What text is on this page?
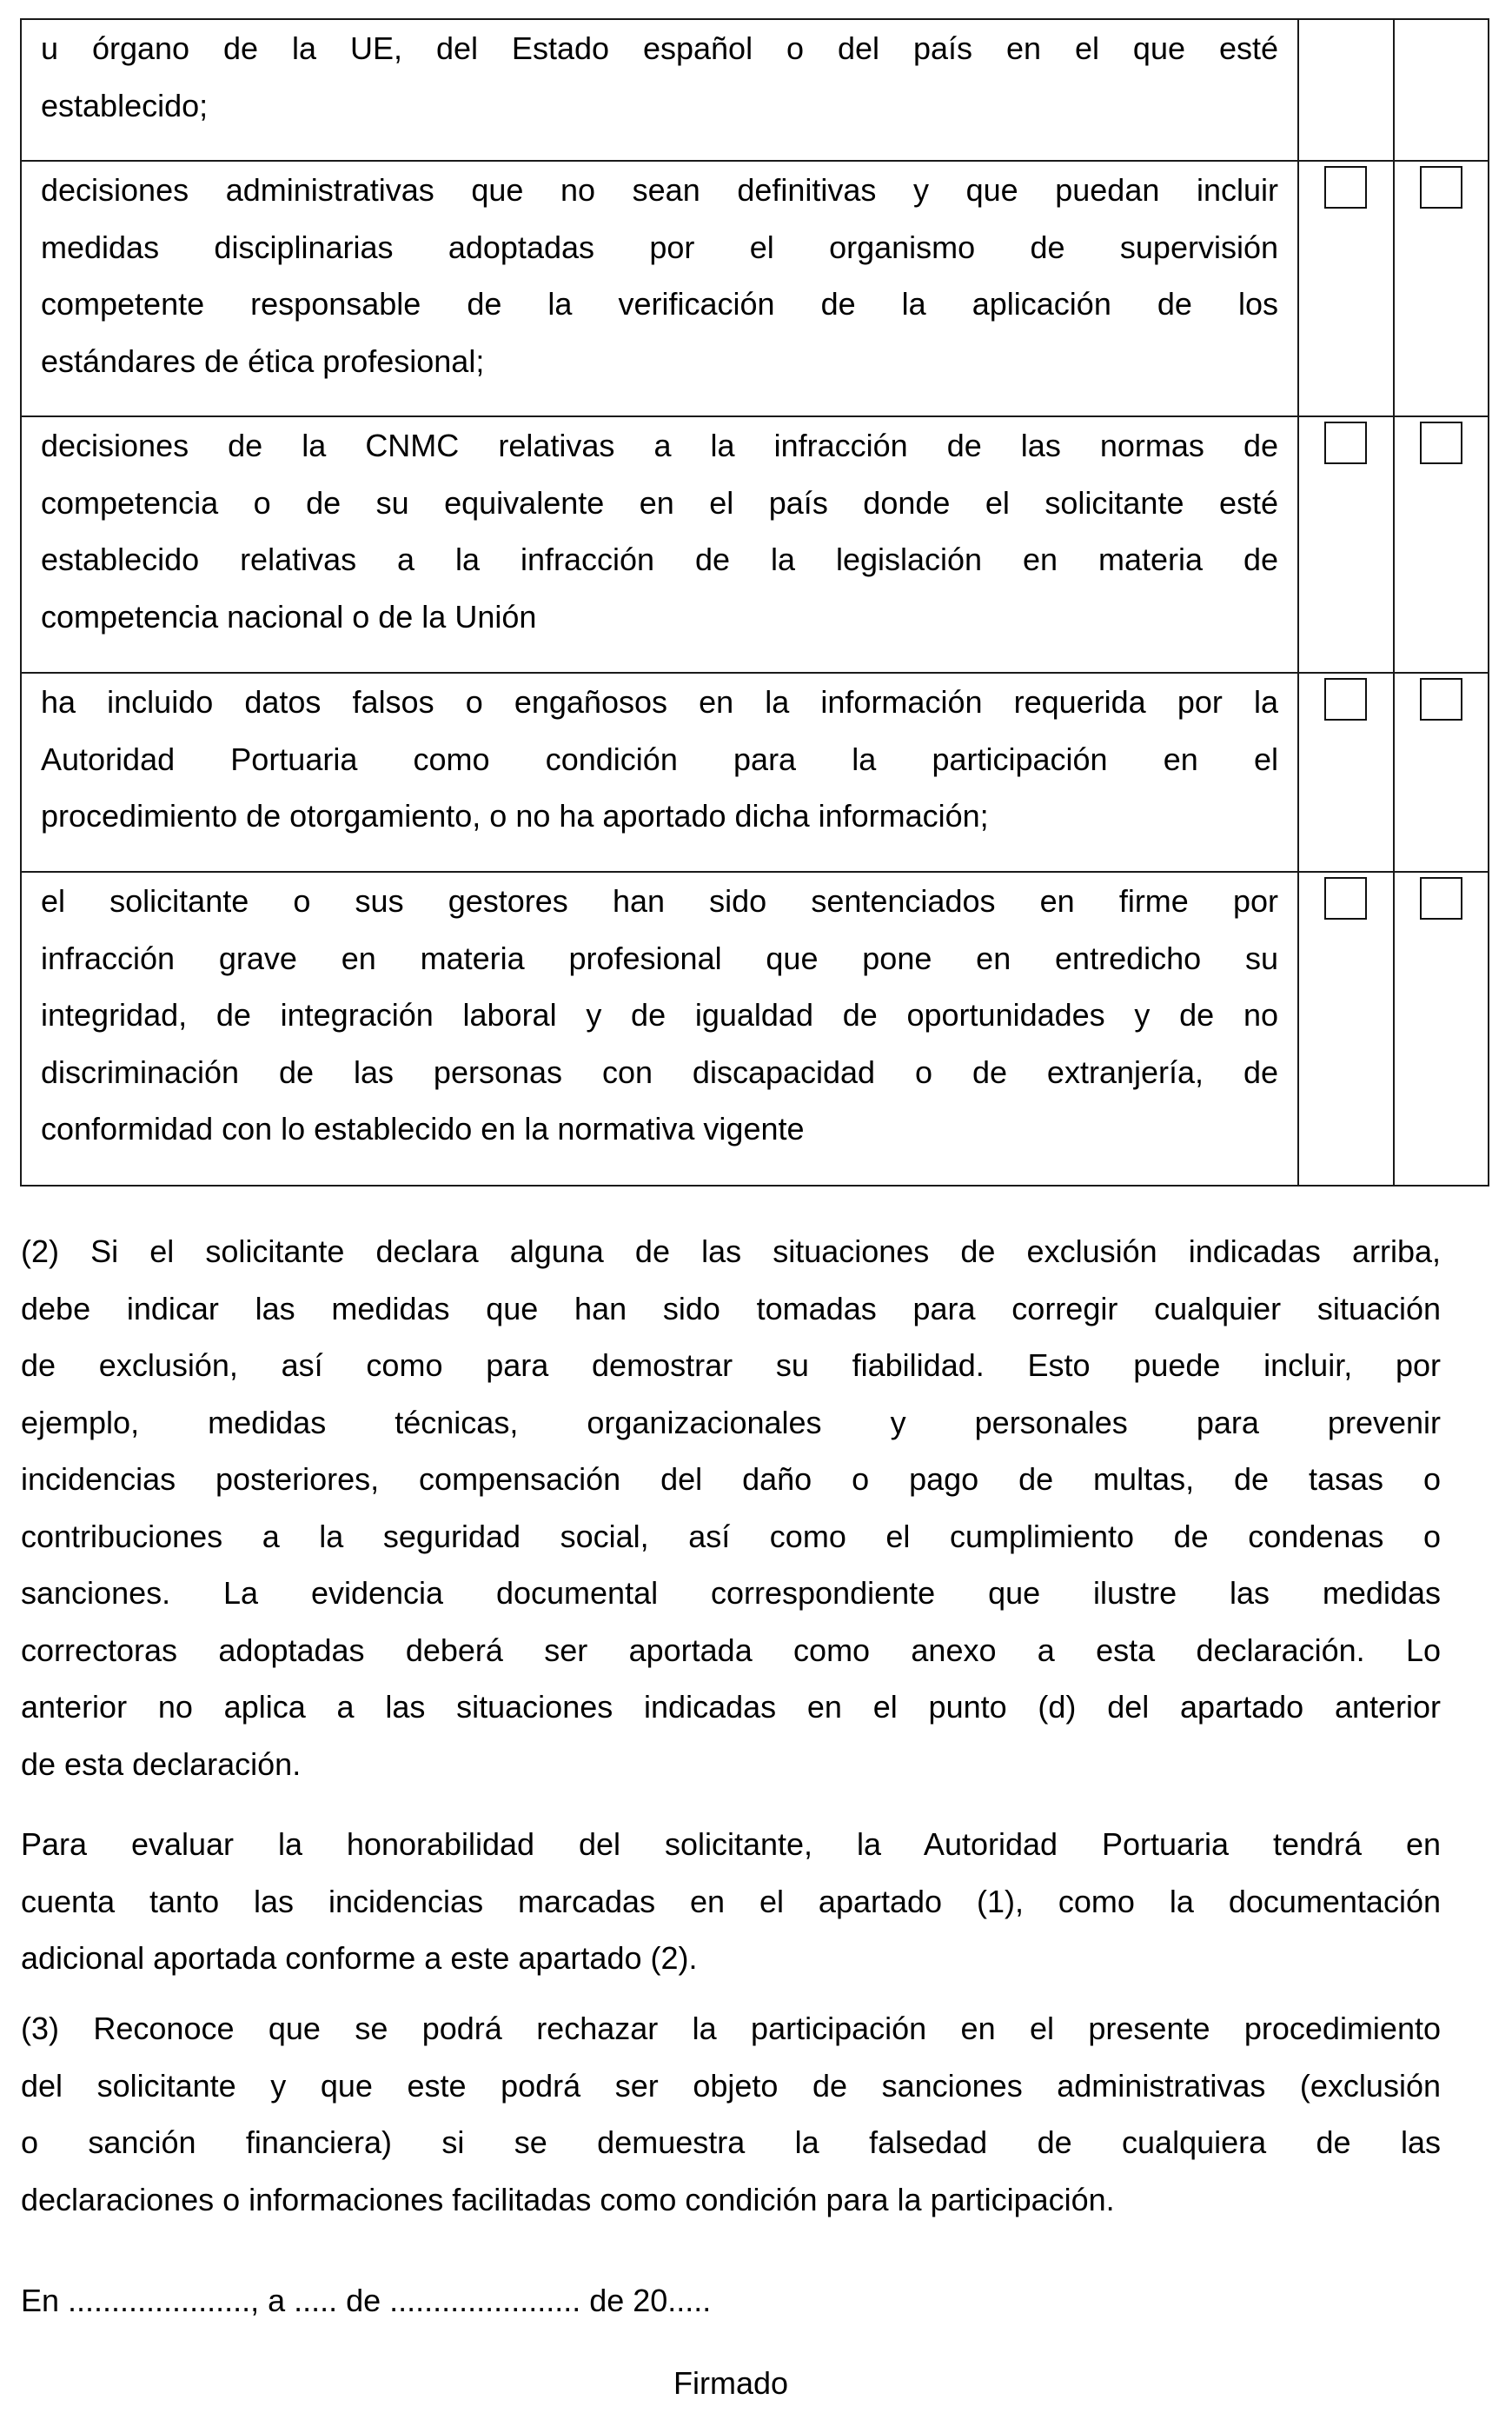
u órgano de la UE, del Estado español o del país en el que esté
establecido;		

decisiones administrativas que no sean definitivas y que puedan incluir
medidas disciplinarias adoptadas por el organismo de supervisión
competente responsable de la verificación de la aplicación de los
estándares de ética profesional;		

decisiones de la CNMC relativas a la infracción de las normas de
competencia o de su equivalente en el país donde el solicitante esté
establecido relativas a la infracción de la legislación en materia de
competencia nacional o de la Unión		

ha incluido datos falsos o engañosos en la información requerida por la
Autoridad Portuaria como condición para la participación en el
procedimiento de otorgamiento, o no ha aportado dicha información;		

el solicitante o sus gestores han sido sentenciados en firme por
infracción grave en materia profesional que pone en entredicho su
integridad, de integración laboral y de igualdad de oportunidades y de no
discriminación de las personas con discapacidad o de extranjería, de
conformidad con lo establecido en la normativa vigente		

(2) Si el solicitante declara alguna de las situaciones de exclusión indicadas arriba,
debe indicar las medidas que han sido tomadas para corregir cualquier situación
de exclusión, así como para demostrar su fiabilidad. Esto puede incluir, por
ejemplo, medidas técnicas, organizacionales y personales para prevenir
incidencias posteriores, compensación del daño o pago de multas, de tasas o
contribuciones a la seguridad social, así como el cumplimiento de condenas o
sanciones. La evidencia documental correspondiente que ilustre las medidas
correctoras adoptadas deberá ser aportada como anexo a esta declaración. Lo
anterior no aplica a las situaciones indicadas en el punto (d) del apartado anterior
de esta declaración.
Para evaluar la honorabilidad del solicitante, la Autoridad Portuaria tendrá en
cuenta tanto las incidencias marcadas en el apartado (1), como la documentación
adicional aportada conforme a este apartado (2).
(3) Reconoce que se podrá rechazar la participación en el presente procedimiento
del solicitante y que este podrá ser objeto de sanciones administrativas (exclusión
o sanción financiera) si se demuestra la falsedad de cualquiera de las
declaraciones o informaciones facilitadas como condición para la participación.
En ....................., a ..... de ...................... de 20.....
Firmado
